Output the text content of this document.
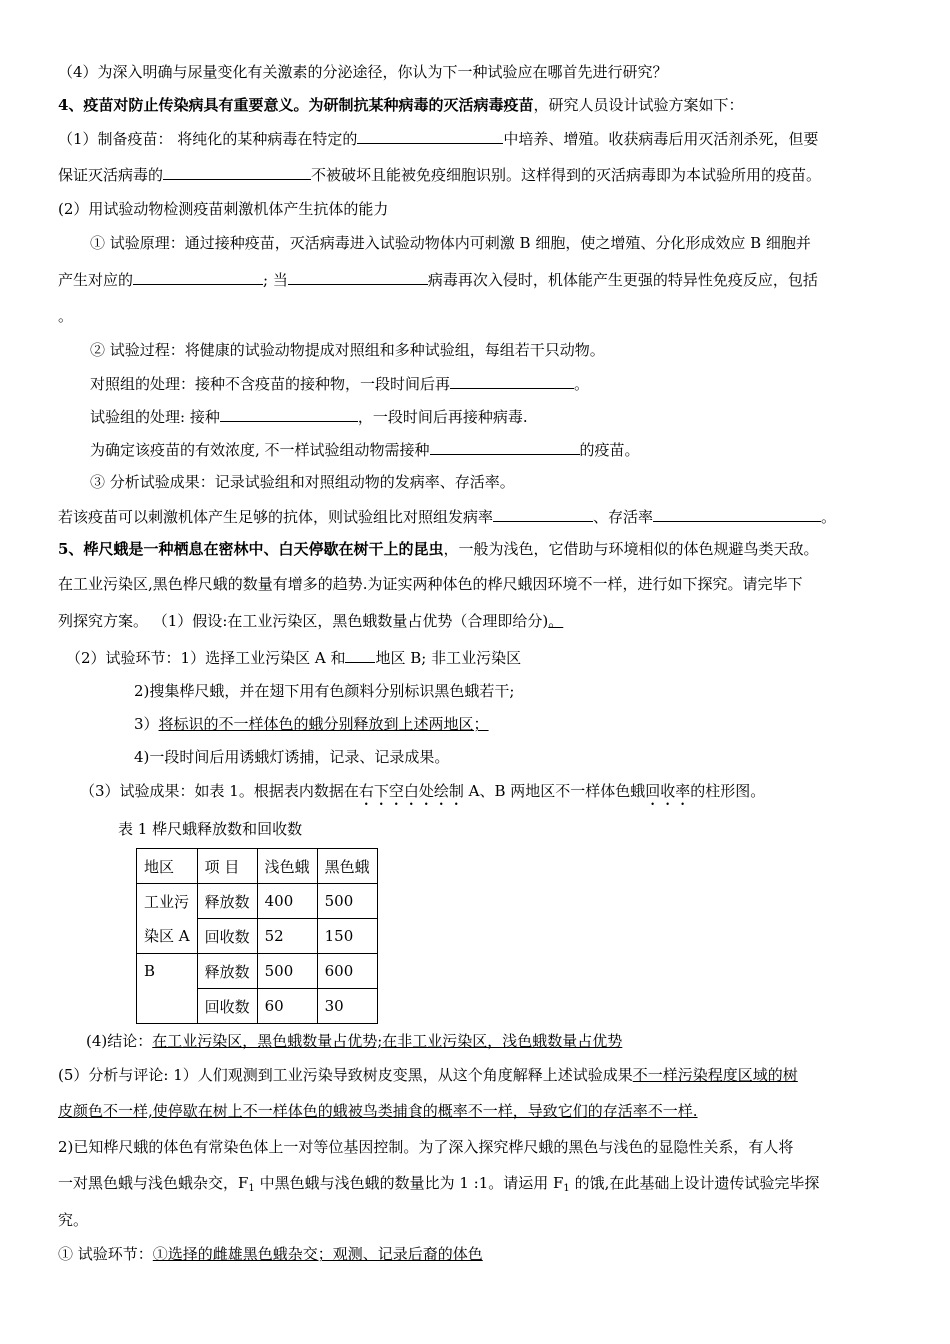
（4）为深入明确与尿量变化有关激素的分泌途径，你认为下一种试验应在哪首先进行研究？
4、疫苗对防止传染病具有重要意义。为研制抗某种病毒的灭活病毒疫苗，研究人员设计试验方案如下：
（1）制备疫苗： 将纯化的某种病毒在特定的	中培养、增殖。收获病毒后用灭活剂杀死，但要
保证灭活病毒的	不被破坏且能被免疫细胞识别。这样得到的灭活病毒即为本试验所用的疫苗。
(2）用试验动物检测疫苗刺激机体产生抗体的能力
① 试验原理：通过接种疫苗，灭活病毒进入试验动物体内可刺激 B 细胞，使之增殖、分化形成效应 B 细胞并
产生对应的	; 当	病毒再次入侵时，机体能产生更强的特异性免疫反应，包括
。
② 试验过程：将健康的试验动物提成对照组和多种试验组，每组若干只动物。
对照组的处理：接种不含疫苗的接种物，一段时间后再	。
试验组的处理: 接种	，一段时间后再接种病毒.
为确定该疫苗的有效浓度, 不一样试验组动物需接种	的疫苗。
③ 分析试验成果：记录试验组和对照组动物的发病率、存活率。
若该疫苗可以刺激机体产生足够的抗体，则试验组比对照组发病率	、存活率	。
5、桦尺蛾是一种栖息在密林中、白天停歇在树干上的昆虫，一般为浅色，它借助与环境相似的体色规避鸟类天敌。
在工业污染区,黑色桦尺蛾的数量有增多的趋势.为证实两种体色的桦尺蛾因环境不一样，进行如下探究。请完毕下
列探究方案。 （1）假设:在工业污染区，黑色蛾数量占优势（合理即给分)。
（2）试验环节：1）选择工业污染区 A 和 地区 B; 非工业污染区
2)搜集桦尺蛾，并在翅下用有色颜料分别标识黑色蛾若干;
3）将标识的不一样体色的蛾分别释放到上述两地区；
4)一段时间后用诱蛾灯诱捕，记录、记录成果。
（3）试验成果：如表 1。根据表内数据在右下空白处绘制 A、B 两地区不一样体色蛾回收率的柱形图。
表 1 桦尺蛾释放数和回收数
地区	项 目	浅色蛾	黑色蛾
工业污
染区 A	释放数	400	500
	回收数	52	150
B	释放数	500	600
	回收数	60	30
(4)结论：在工业污染区，黑色蛾数量占优势;在非工业污染区，浅色蛾数量占优势
(5）分析与评论: 1）人们观测到工业污染导致树皮变黑，从这个角度解释上述试验成果不一样污染程度区域的树
皮颜色不一样,使停歇在树上不一样体色的蛾被鸟类捕食的概率不一样，导致它们的存活率不一样.
2)已知桦尺蛾的体色有常染色体上一对等位基因控制。为了深入探究桦尺蛾的黑色与浅色的显隐性关系，有人将
一对黑色蛾与浅色蛾杂交，$F_1$ 中黑色蛾与浅色蛾的数量比为 1 :1。请运用 $F_1$ 的饿,在此基础上设计遗传试验完毕探
究。
① 试验环节：①选择的雌雄黑色蛾杂交；观测、记录后裔的体色
